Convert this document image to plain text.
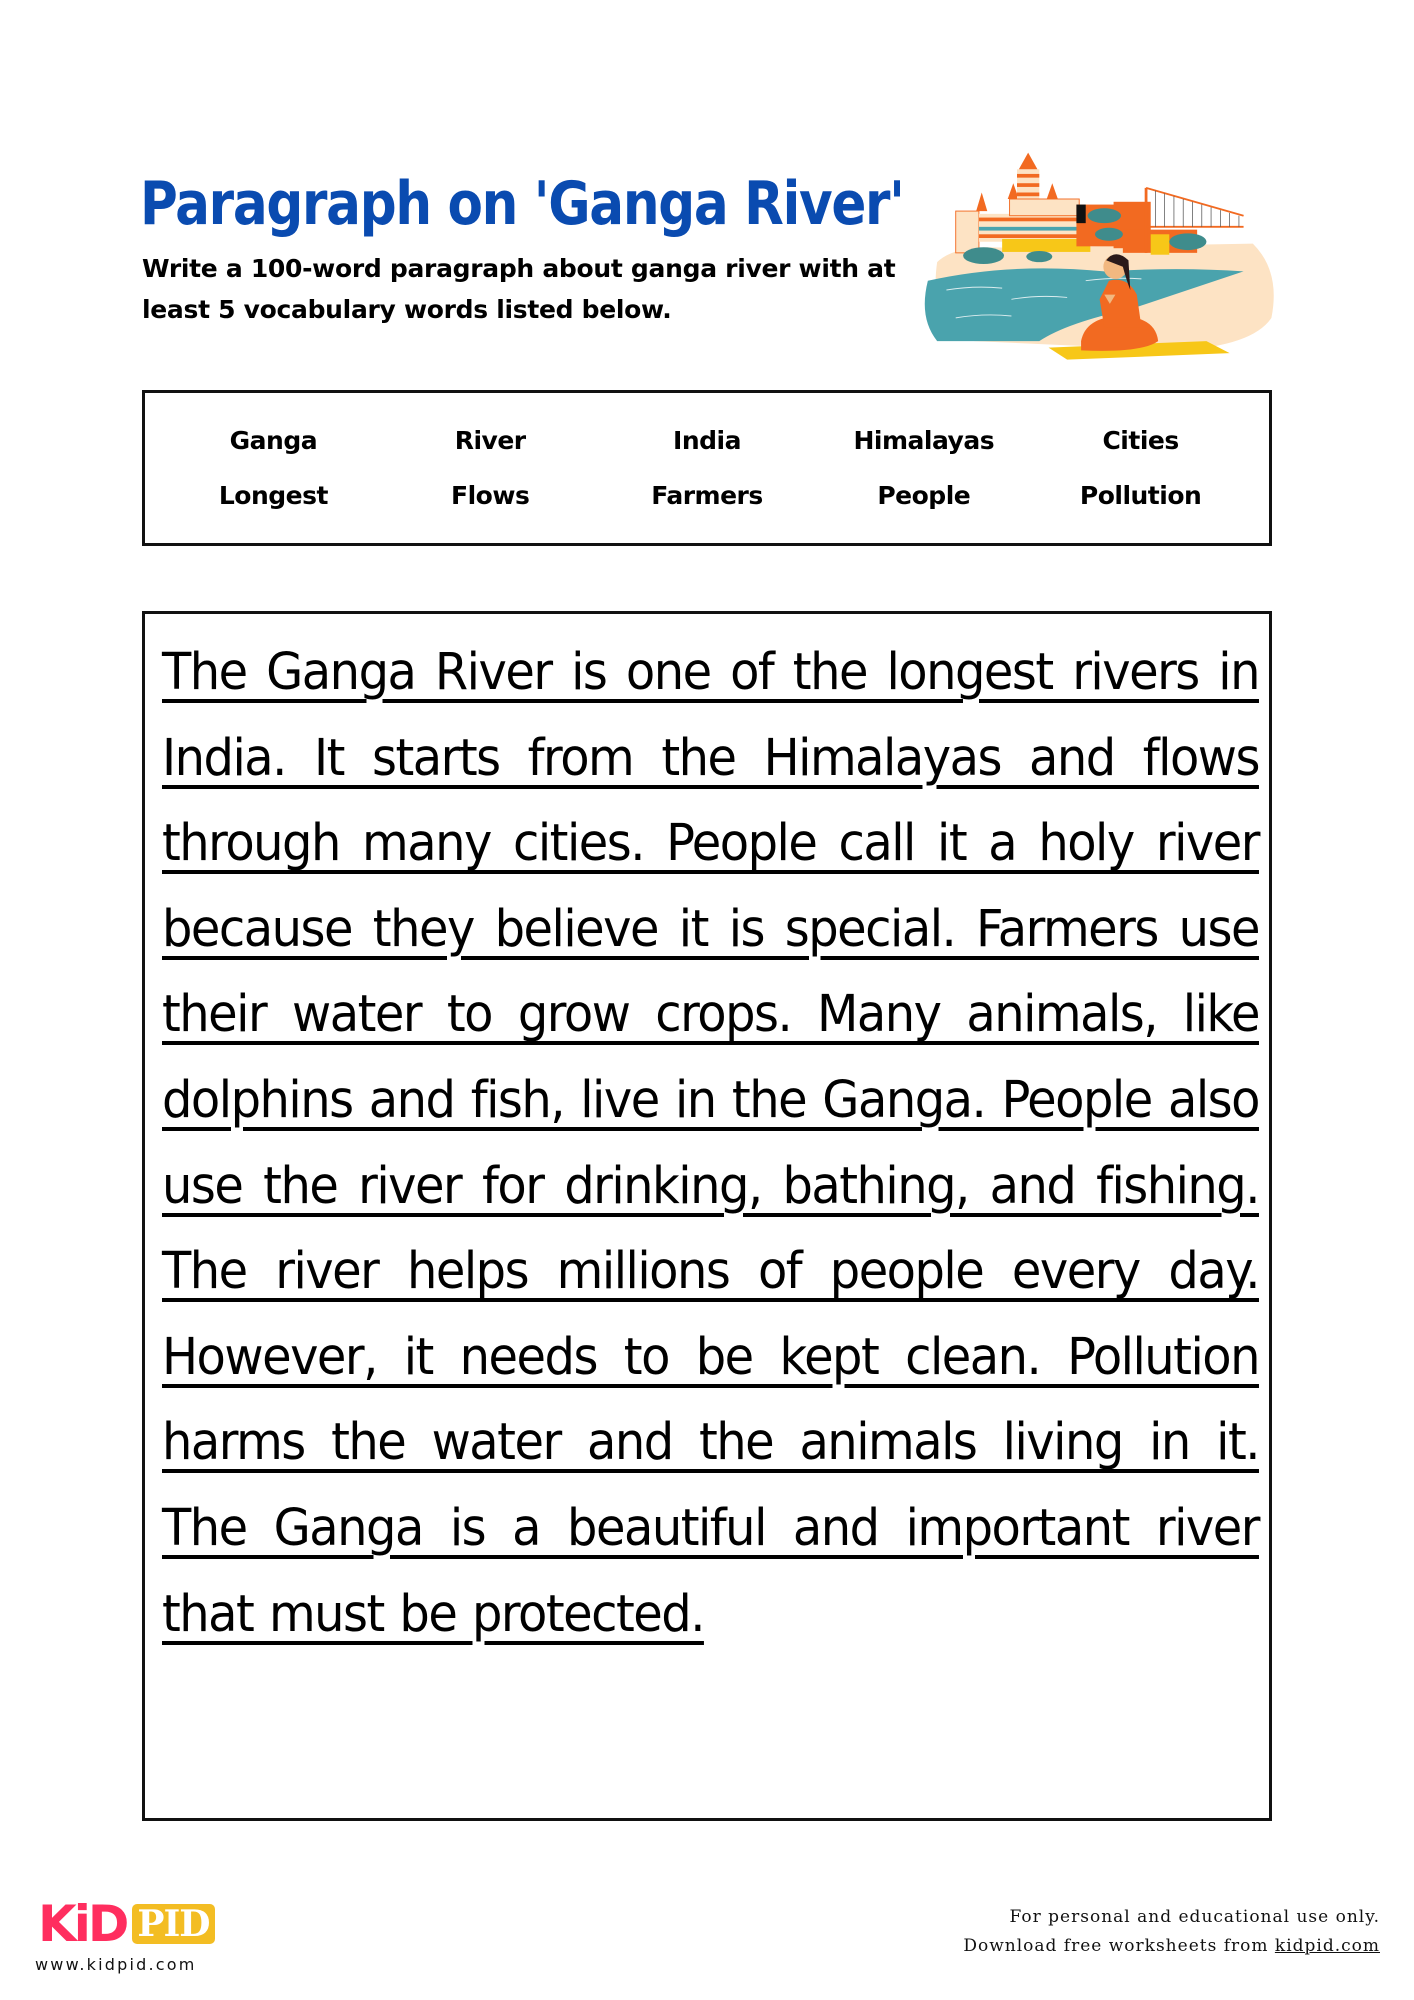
Paragraph on 'Ganga River'
Write a 100-word paragraph about ganga river with at least 5 vocabulary words listed below.
Ganga	River	India	Himalayas	Cities
Longest	Flows	Farmers	People	Pollution

The Ganga River is one of the longest rivers in India. It starts from the Himalayas and flows through many cities. People call it a holy river because they believe it is special. Farmers use their water to grow crops. Many animals, like dolphins and fish, live in the Ganga. People also use the river for drinking, bathing, and fishing. The river helps millions of people every day. However, it needs to be kept clean. Pollution harms the water and the animals living in it. The Ganga is a beautiful and important river that must be protected.

KiD PID
www.kidpid.com
For personal and educational use only.
Download free worksheets from kidpid.com
